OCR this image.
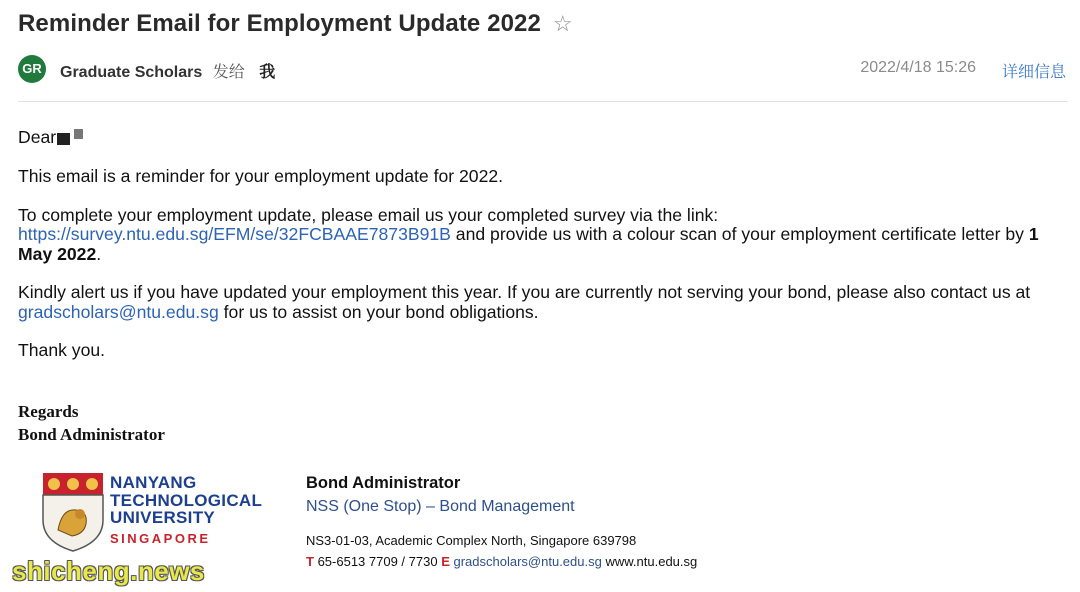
Reminder Email for Employment Update 2022 ☆
GR Graduate Scholars 发给 我	2022/4/18 15:26 详细信息

Dear

This email is a reminder for your employment update for 2022.

To complete your employment update, please email us your completed survey via the link: https://survey.ntu.edu.sg/EFM/se/32FCBAAE7873B91B and provide us with a colour scan of your employment certificate letter by 1 May 2022.

Kindly alert us if you have updated your employment this year. If you are currently not serving your bond, please also contact us at gradscholars@ntu.edu.sg for us to assist on your bond obligations.

Thank you.

Regards
Bond Administrator
NANYANG
TECHNOLOGICAL
UNIVERSITY
SINGAPORE
Bond Administrator
NSS (One Stop) – Bond Management
NS3-01-03, Academic Complex North, Singapore 639798
T 65-6513 7709 / 7730 E gradscholars@ntu.edu.sg www.ntu.edu.sg
shicheng.news
